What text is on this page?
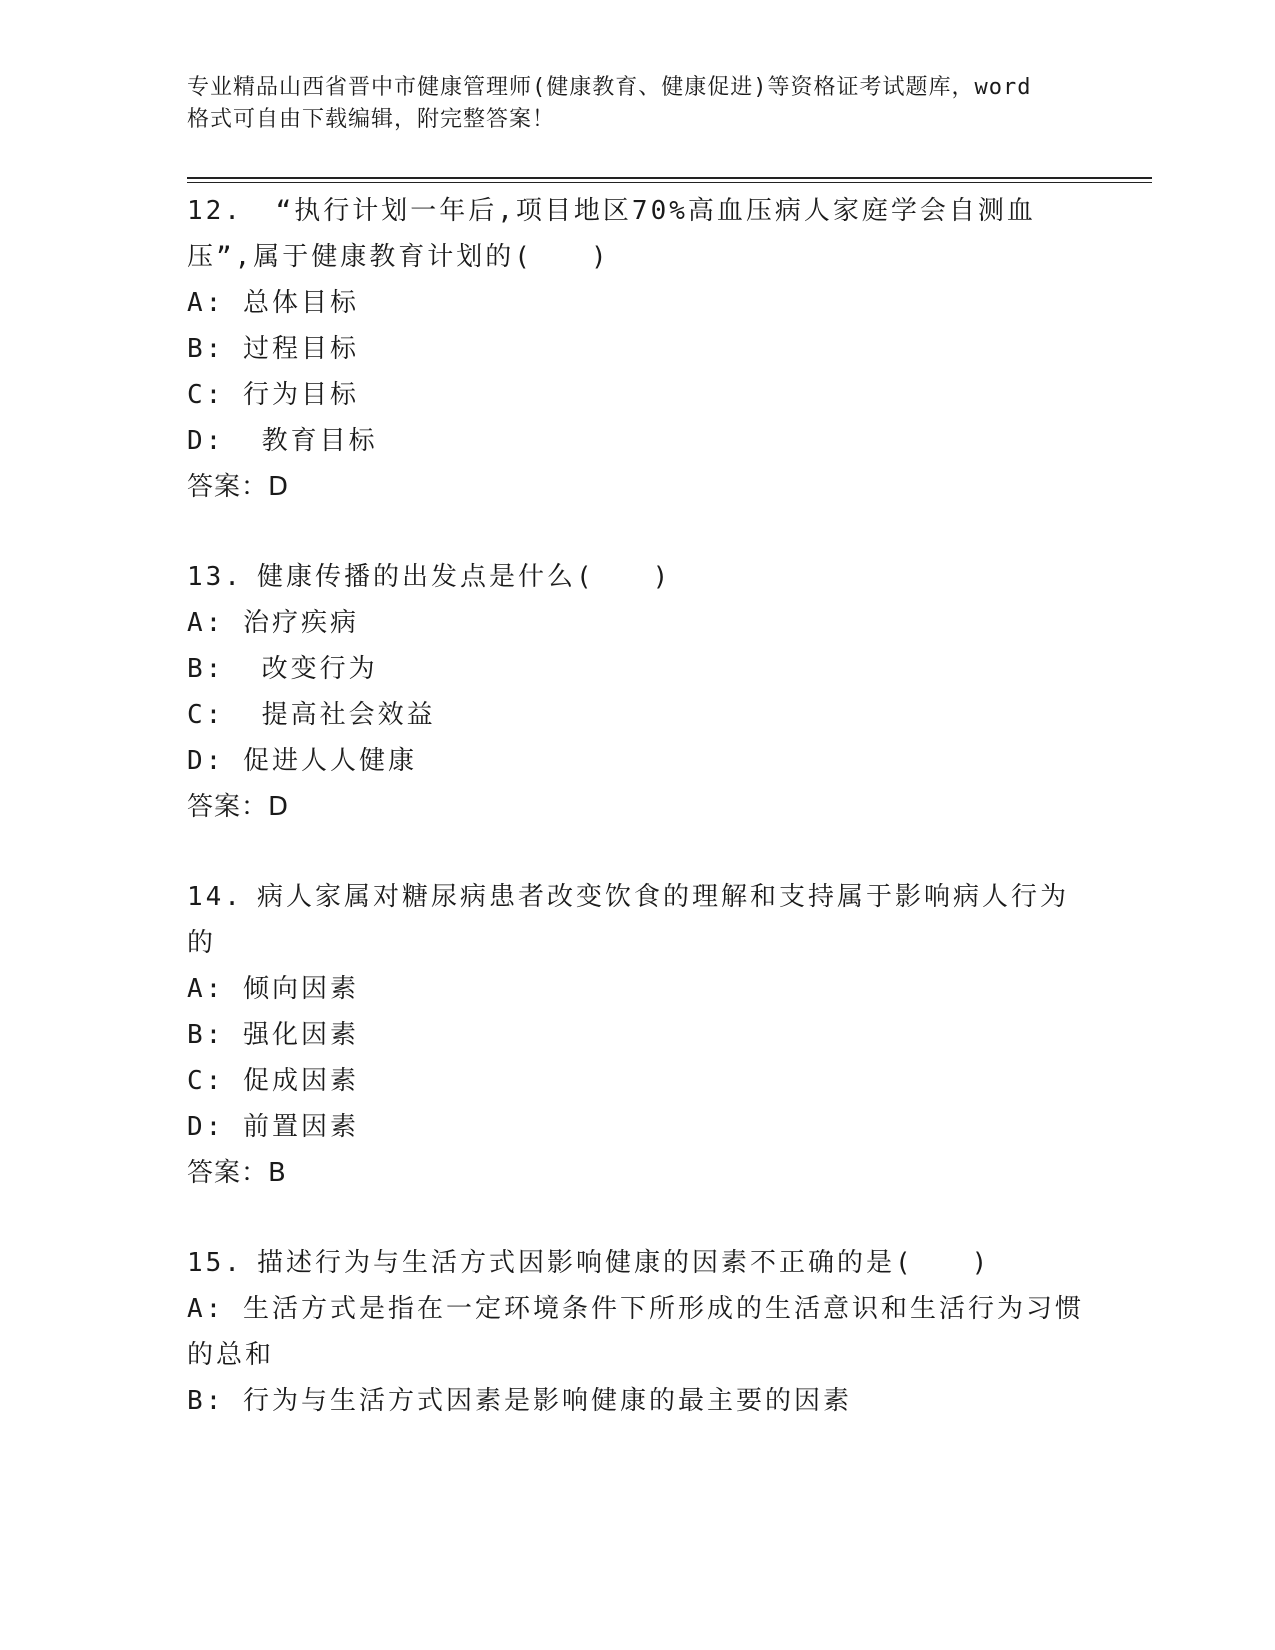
专业精品山西省晋中市健康管理师(健康教育、健康促进)等资格证考试题库，word
格式可自由下载编辑，附完整答案！
12. “执行计划一年后,项目地区70%高血压病人家庭学会自测血压”,属于健康教育计划的(　　)
A: 总体目标
B: 过程目标
C: 行为目标
D:  教育目标
答案：D
13. 健康传播的出发点是什么(　　)
A: 治疗疾病
B:  改变行为
C:  提高社会效益
D: 促进人人健康
答案：D
14. 病人家属对糖尿病患者改变饮食的理解和支持属于影响病人行为的
A: 倾向因素
B: 强化因素
C: 促成因素
D: 前置因素
答案：B
15. 描述行为与生活方式因影响健康的因素不正确的是(　　)
A: 生活方式是指在一定环境条件下所形成的生活意识和生活行为习惯的总和
B: 行为与生活方式因素是影响健康的最主要的因素
